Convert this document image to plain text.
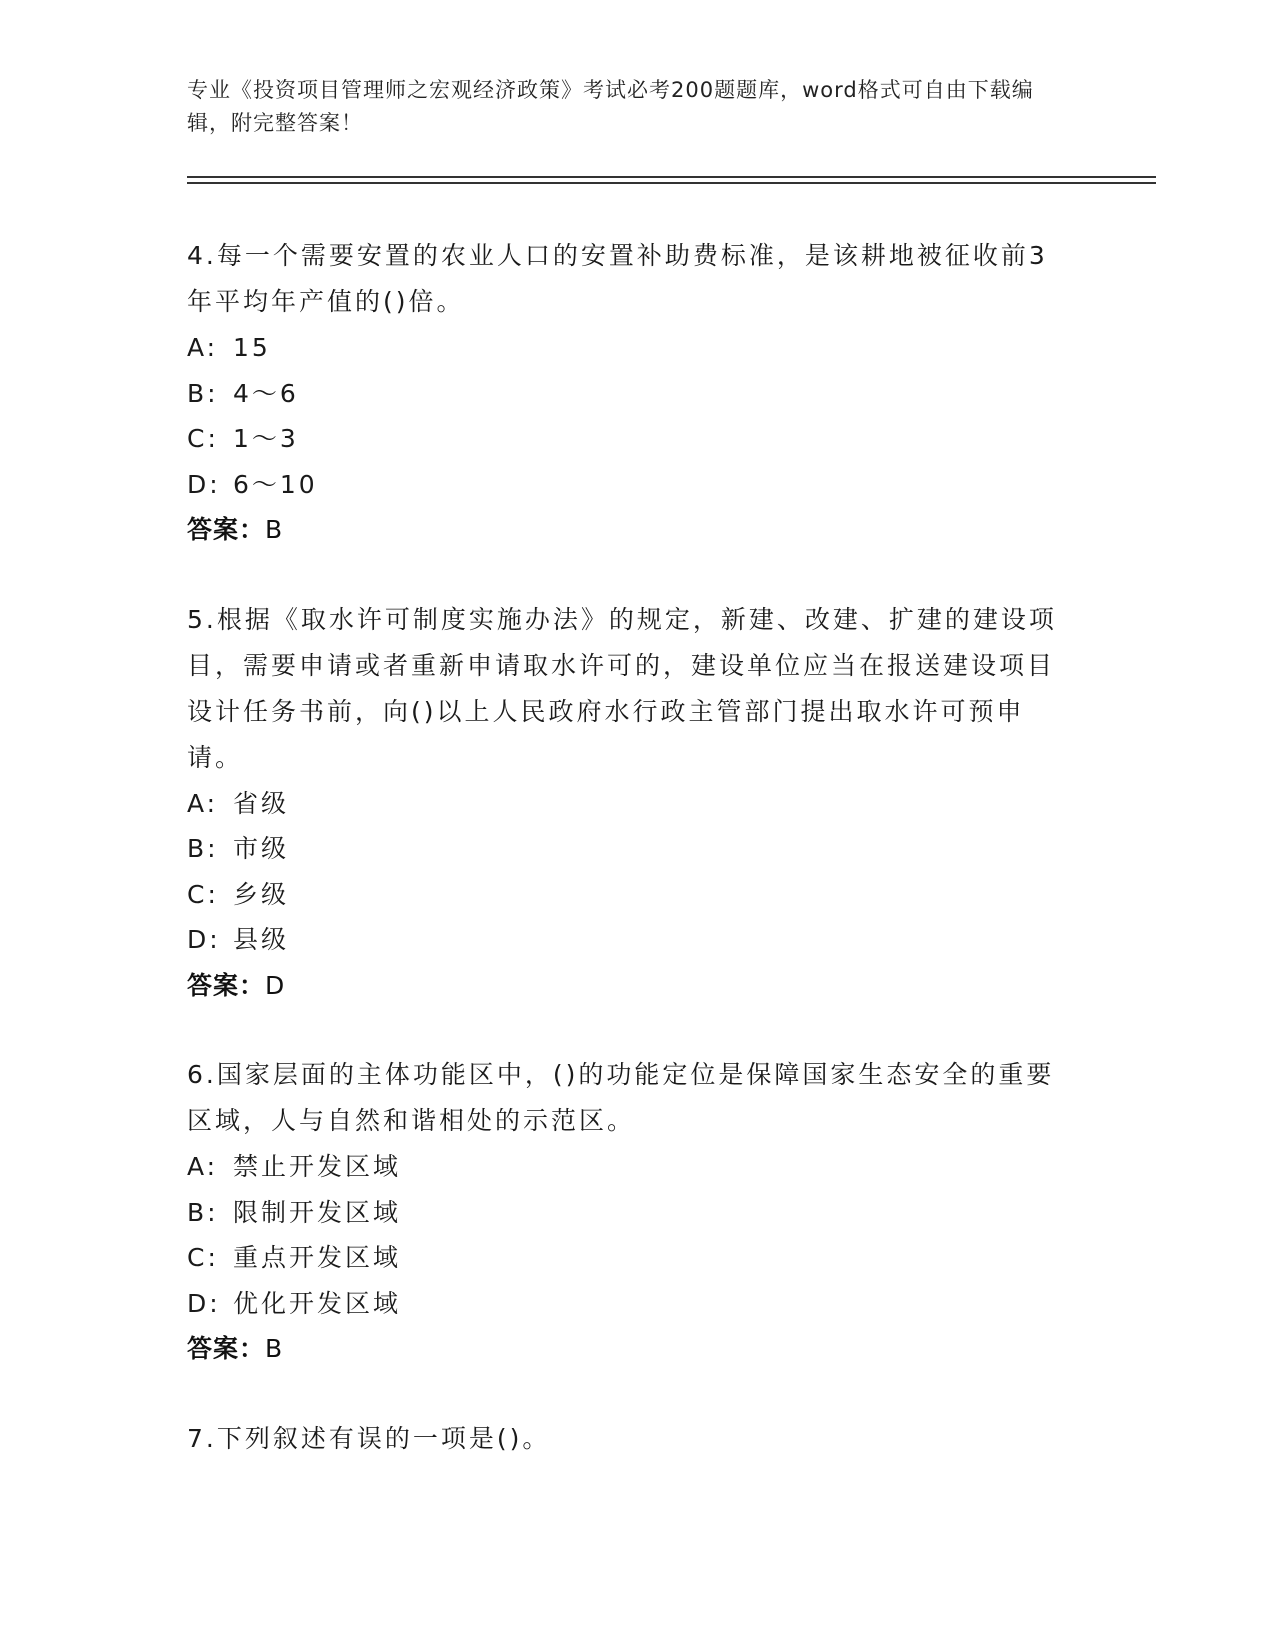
专业《投资项目管理师之宏观经济政策》考试必考200题题库，word格式可自由下载编辑，附完整答案！
4.每一个需要安置的农业人口的安置补助费标准，是该耕地被征收前3年平均年产值的()倍。
A: 15
B: 4～6
C: 1～3
D: 6～10
答案：B
5.根据《取水许可制度实施办法》的规定，新建、改建、扩建的建设项目，需要申请或者重新申请取水许可的，建设单位应当在报送建设项目设计任务书前，向()以上人民政府水行政主管部门提出取水许可预申请。
A: 省级
B: 市级
C: 乡级
D: 县级
答案：D
6.国家层面的主体功能区中，()的功能定位是保障国家生态安全的重要区域，人与自然和谐相处的示范区。
A: 禁止开发区域
B: 限制开发区域
C: 重点开发区域
D: 优化开发区域
答案：B
7.下列叙述有误的一项是()。
